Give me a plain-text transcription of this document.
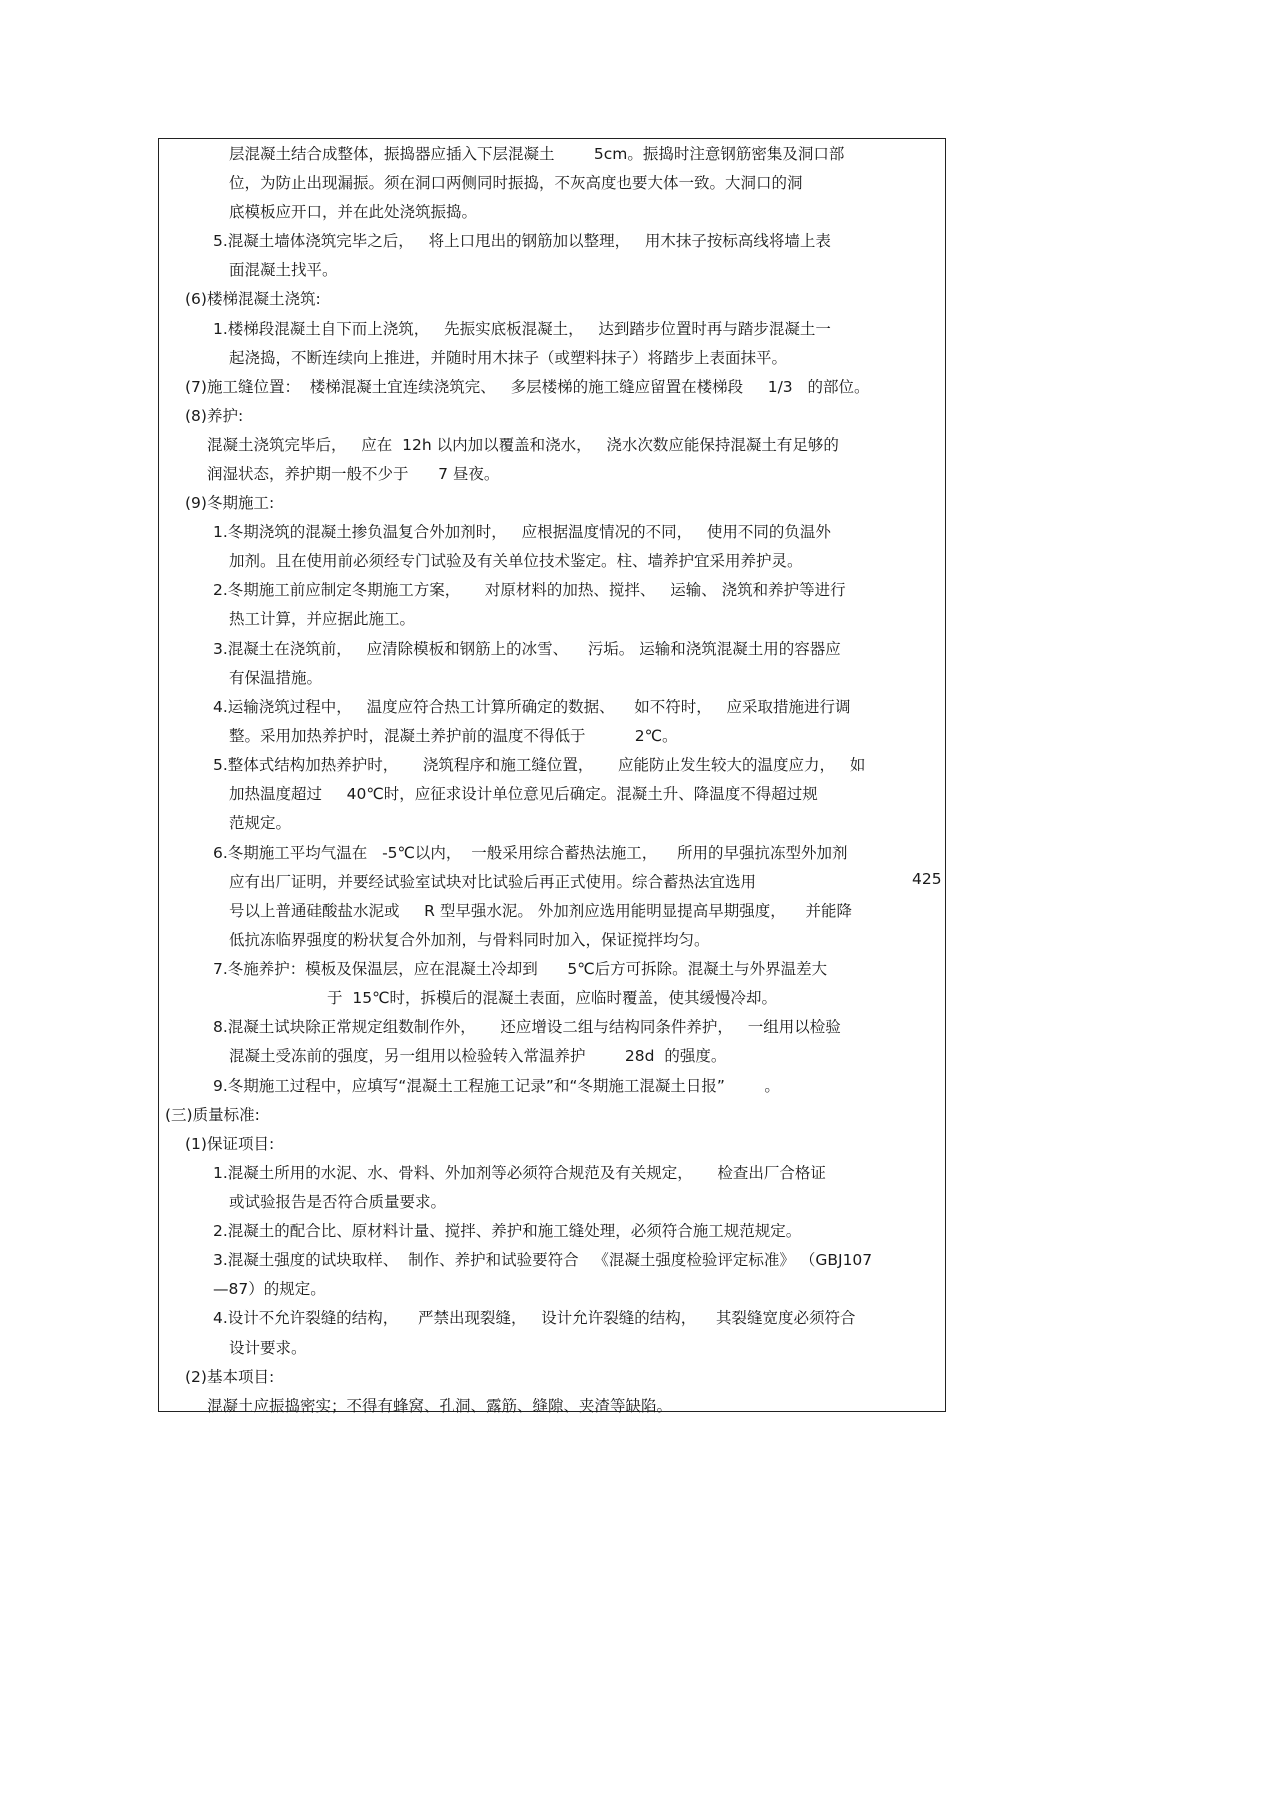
层混凝土结合成整体，振捣器应插入下层混凝土        5cm。振捣时注意钢筋密集及洞口部
位，为防止出现漏振。须在洞口两侧同时振捣，不灰高度也要大体一致。大洞口的洞
底模板应开口，并在此处浇筑振捣。
5.混凝土墙体浇筑完毕之后，   将上口甩出的钢筋加以整理，   用木抹子按标高线将墙上表
面混凝土找平。
(6)楼梯混凝土浇筑:
1.楼梯段混凝土自下而上浇筑，   先振实底板混凝土，   达到踏步位置时再与踏步混凝土一
起浇捣，不断连续向上推进，并随时用木抹子（或塑料抹子）将踏步上表面抹平。
(7)施工缝位置：  楼梯混凝土宜连续浇筑完、   多层楼梯的施工缝应留置在楼梯段     1/3   的部位。
(8)养护:
混凝土浇筑完毕后，   应在  12h 以内加以覆盖和浇水，   浇水次数应能保持混凝土有足够的
润湿状态，养护期一般不少于      7 昼夜。
(9)冬期施工:
1.冬期浇筑的混凝土掺负温复合外加剂时，   应根据温度情况的不同，   使用不同的负温外
加剂。且在使用前必须经专门试验及有关单位技术鉴定。柱、墙养护宜采用养护灵。
2.冬期施工前应制定冬期施工方案，     对原材料的加热、搅拌、   运输、 浇筑和养护等进行
热工计算，并应据此施工。
3.混凝土在浇筑前，   应清除模板和钢筋上的冰雪、    污垢。 运输和浇筑混凝土用的容器应
有保温措施。
4.运输浇筑过程中，   温度应符合热工计算所确定的数据、    如不符时，   应采取措施进行调
整。采用加热养护时，混凝土养护前的温度不得低于          2℃。
5.整体式结构加热养护时，     浇筑程序和施工缝位置，     应能防止发生较大的温度应力，   如
加热温度超过     40℃时，应征求设计单位意见后确定。混凝土升、降温度不得超过规
范规定。
6.冬期施工平均气温在   -5℃以内，  一般采用综合蓄热法施工，    所用的早强抗冻型外加剂
应有出厂证明，并要经试验室试块对比试验后再正式使用。综合蓄热法宜选用	425
号以上普通硅酸盐水泥或     R 型早强水泥。 外加剂应选用能明显提高早期强度，    并能降
低抗冻临界强度的粉状复合外加剂，与骨料同时加入，保证搅拌均匀。
7.冬施养护：模板及保温层，应在混凝土冷却到      5℃后方可拆除。混凝土与外界温差大
于  15℃时，拆模后的混凝土表面，应临时覆盖，使其缓慢冷却。
8.混凝土试块除正常规定组数制作外，     还应增设二组与结构同条件养护，   一组用以检验
混凝土受冻前的强度，另一组用以检验转入常温养护        28d  的强度。
9.冬期施工过程中，应填写“混凝土工程施工记录”和“冬期施工混凝土日报”        。
(三)质量标准:
(1)保证项目:
1.混凝土所用的水泥、水、骨料、外加剂等必须符合规范及有关规定，     检查出厂合格证
或试验报告是否符合质量要求。
2.混凝土的配合比、原材料计量、搅拌、养护和施工缝处理，必须符合施工规范规定。
3.混凝土强度的试块取样、  制作、养护和试验要符合   《混凝土强度检验评定标准》 （GBJ107
—87）的规定。
4.设计不允许裂缝的结构，    严禁出现裂缝，   设计允许裂缝的结构，    其裂缝宽度必须符合
设计要求。
(2)基本项目:
混凝土应振捣密实；不得有蜂窝、孔洞、露筋、缝隙、夹渣等缺陷。
